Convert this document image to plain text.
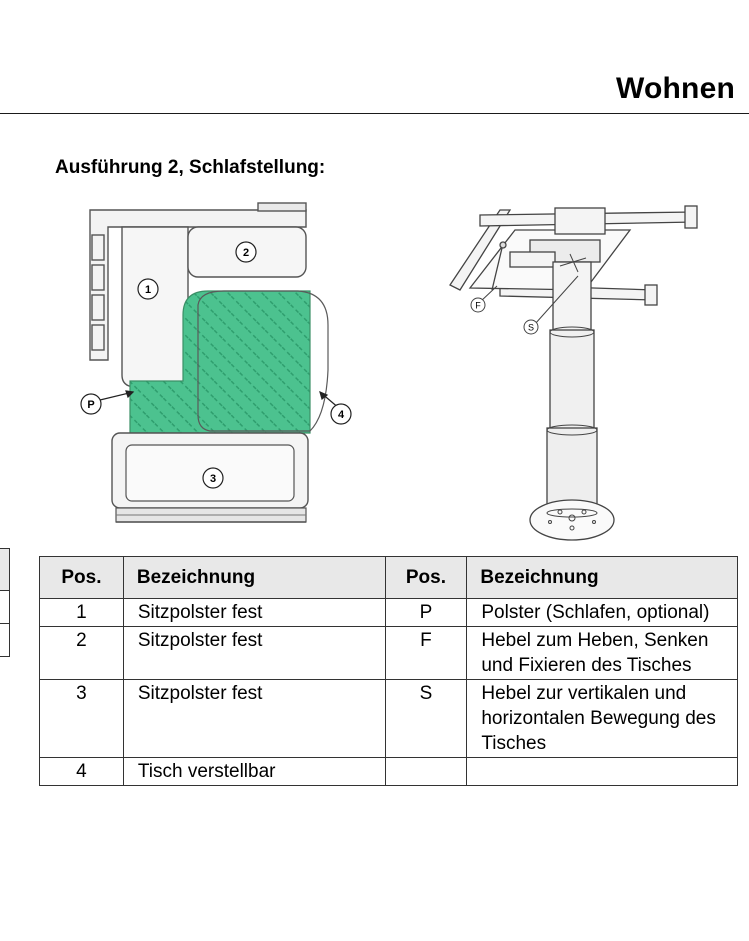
Wohnen
Ausführung 2, Schlafstellung:
1
2
3
4
P
F
S
Pos.	Bezeichnung	Pos.	Bezeichnung
1	Sitzpolster fest	P	Polster (Schlafen, optional)
2	Sitzpolster fest	F	Hebel zum Heben, Senken und Fixieren des Tisches
3	Sitzpolster fest	S	Hebel zur vertikalen und horizontalen Bewegung des Tisches
4	Tisch verstellbar		
